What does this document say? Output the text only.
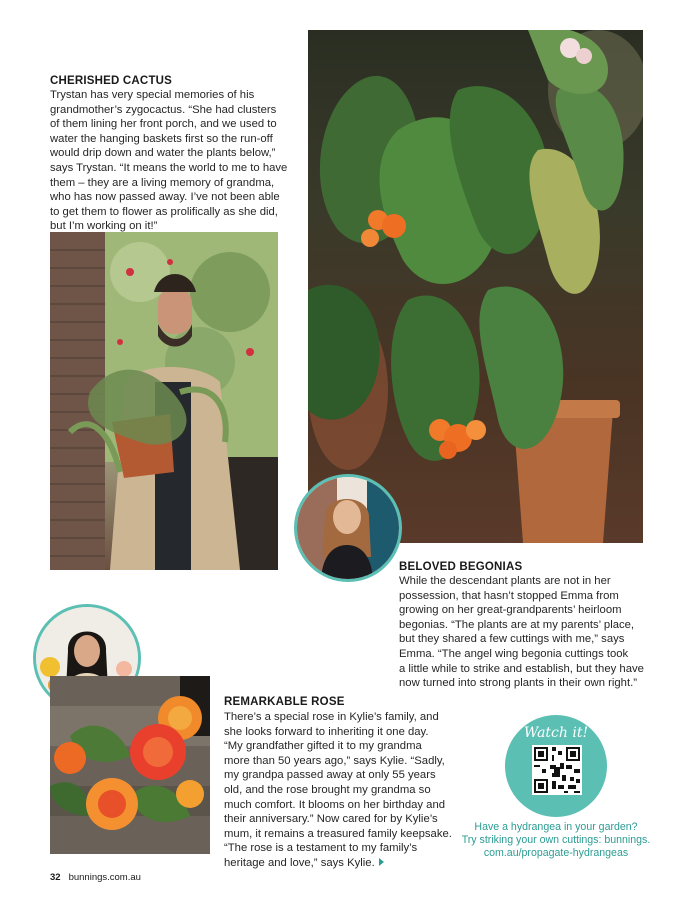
CHERISHED CACTUS
Trystan has very special memories of his
grandmother’s zygocactus. “She had clusters
of them lining her front porch, and we used to
water the hanging baskets first so the run-off
would drip down and water the plants below,”
says Trystan. “It means the world to me to have
them – they are a living memory of grandma,
who has now passed away. I’ve not been able
to get them to flower as prolifically as she did,
but I’m working on it!”
BELOVED BEGONIAS
While the descendant plants are not in her
possession, that hasn’t stopped Emma from
growing on her great-grandparents’ heirloom
begonias. “The plants are at my parents’ place,
but they shared a few cuttings with me,” says
Emma. “The angel wing begonia cuttings took
a little while to strike and establish, but they have
now turned into strong plants in their own right.”
REMARKABLE ROSE
There’s a special rose in Kylie’s family, and
she looks forward to inheriting it one day.
“My grandfather gifted it to my grandma
more than 50 years ago,” says Kylie. “Sadly,
my grandpa passed away at only 55 years
old, and the rose brought my grandma so
much comfort. It blooms on her birthday and
their anniversary.” Now cared for by Kylie’s
mum, it remains a treasured family keepsake.
“The rose is a testament to my family’s
heritage and love,” says Kylie.
Watch it!
Have a hydrangea in your garden?
Try striking your own cuttings: bunnings.
com.au/propagate-hydrangeas
32 bunnings.com.au
